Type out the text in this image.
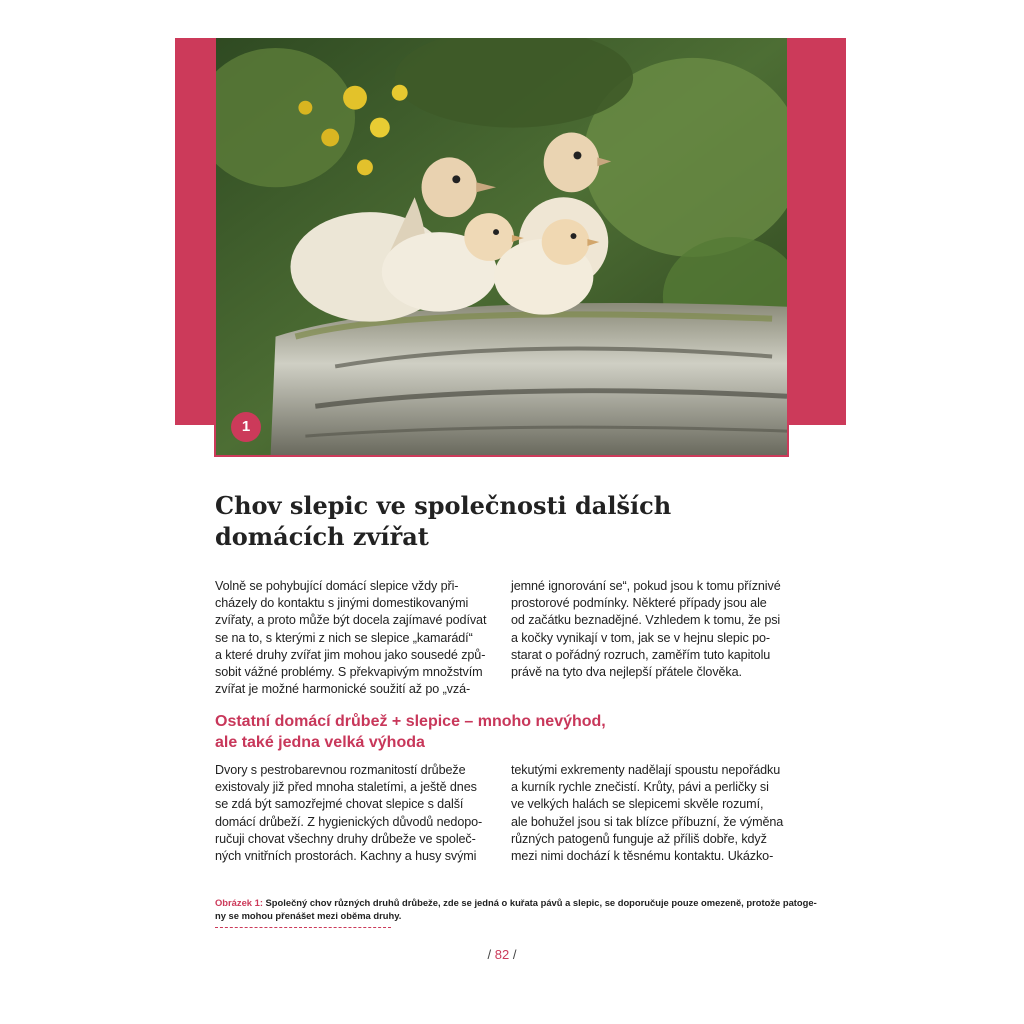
1
Chov slepic ve společnosti dalších
domácích zvířat

Volně se pohybující domácí slepice vždy při-
cházely do kontaktu s jinými domestikovanými
zvířaty, a proto může být docela zajímavé podívat
se na to, s kterými z nich se slepice „kamarádí“
a které druhy zvířat jim mohou jako sousedé způ-
sobit vážné problémy. S překvapivým množstvím
zvířat je možné harmonické soužití až po „vzá-

jemné ignorování se“, pokud jsou k tomu příznivé
prostorové podmínky. Některé případy jsou ale
od začátku beznadějné. Vzhledem k tomu, že psi
a kočky vynikají v tom, jak se v hejnu slepic po-
starat o pořádný rozruch, zaměřím tuto kapitolu
právě na tyto dva nejlepší přátele člověka.

Ostatní domácí drůbež + slepice – mnoho nevýhod,
ale také jedna velká výhoda

Dvory s pestrobarevnou rozmanitostí drůbeže
existovaly již před mnoha staletími, a ještě dnes
se zdá být samozřejmé chovat slepice s další
domácí drůbeží. Z hygienických důvodů nedopo-
ručuji chovat všechny druhy drůbeže ve společ-
ných vnitřních prostorách. Kachny a husy svými

tekutými exkrementy nadělají spoustu nepořádku
a kurník rychle znečistí. Krůty, pávi a perličky si
ve velkých halách se slepicemi skvěle rozumí,
ale bohužel jsou si tak blízce příbuzní, že výměna
různých patogenů funguje až příliš dobře, když
mezi nimi dochází k těsnému kontaktu. Ukázko-

Obrázek 1: Společný chov různých druhů drůbeže, zde se jedná o kuřata pávů a slepic, se doporučuje pouze omezeně, protože patoge-
ny se mohou přenášet mezi oběma druhy.

/ 82 /
